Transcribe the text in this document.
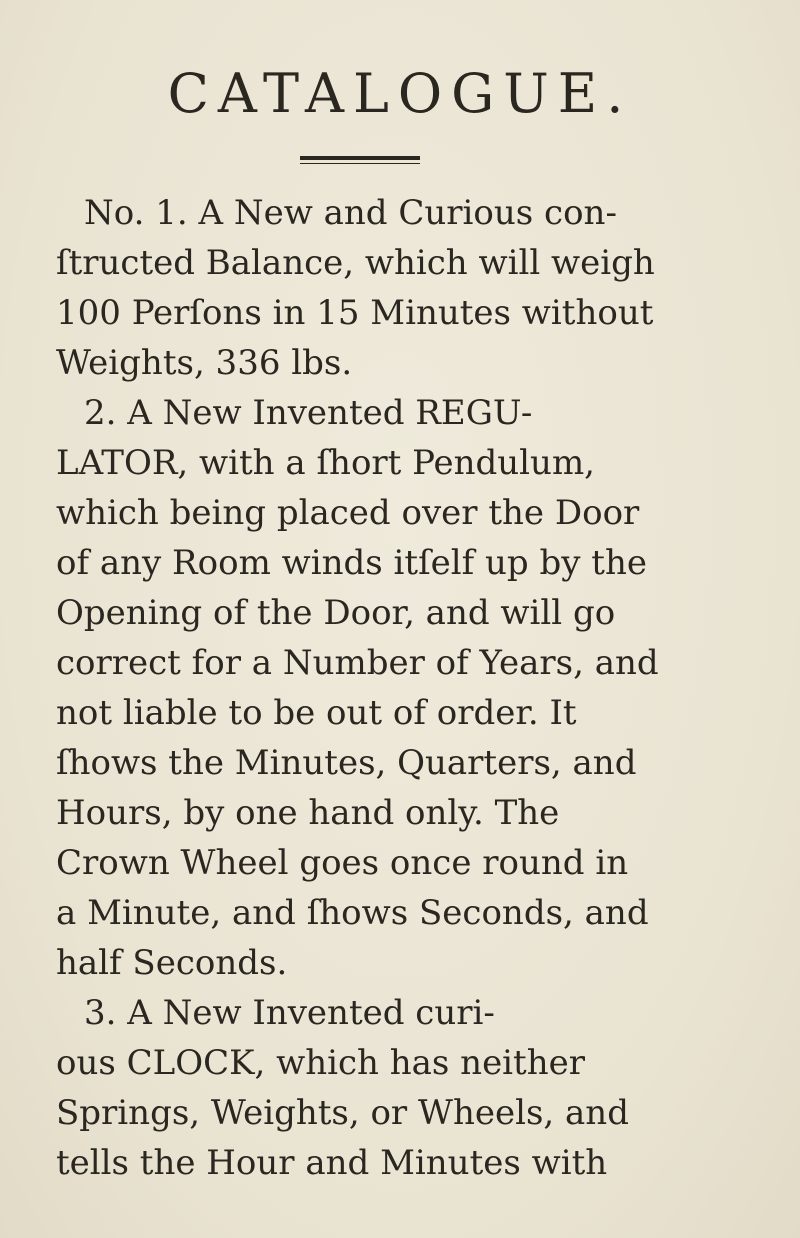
CATALOGUE.
No. 1. A New and Curious con-
ſtructed Balance, which will weigh
100 Perſons in 15 Minutes without
Weights, 336 lbs.
2. A New Invented REGU-
LATOR, with a ſhort Pendulum,
which being placed over the Door
of any Room winds itſelf up by the
Opening of the Door, and will go
correct for a Number of Years, and
not liable to be out of order. It
ſhows the Minutes, Quarters, and
Hours, by one hand only. The
Crown Wheel goes once round in
a Minute, and ſhows Seconds, and
half Seconds.
3. A New Invented curi-
ous CLOCK, which has neither
Springs, Weights, or Wheels, and
tells the Hour and Minutes with
